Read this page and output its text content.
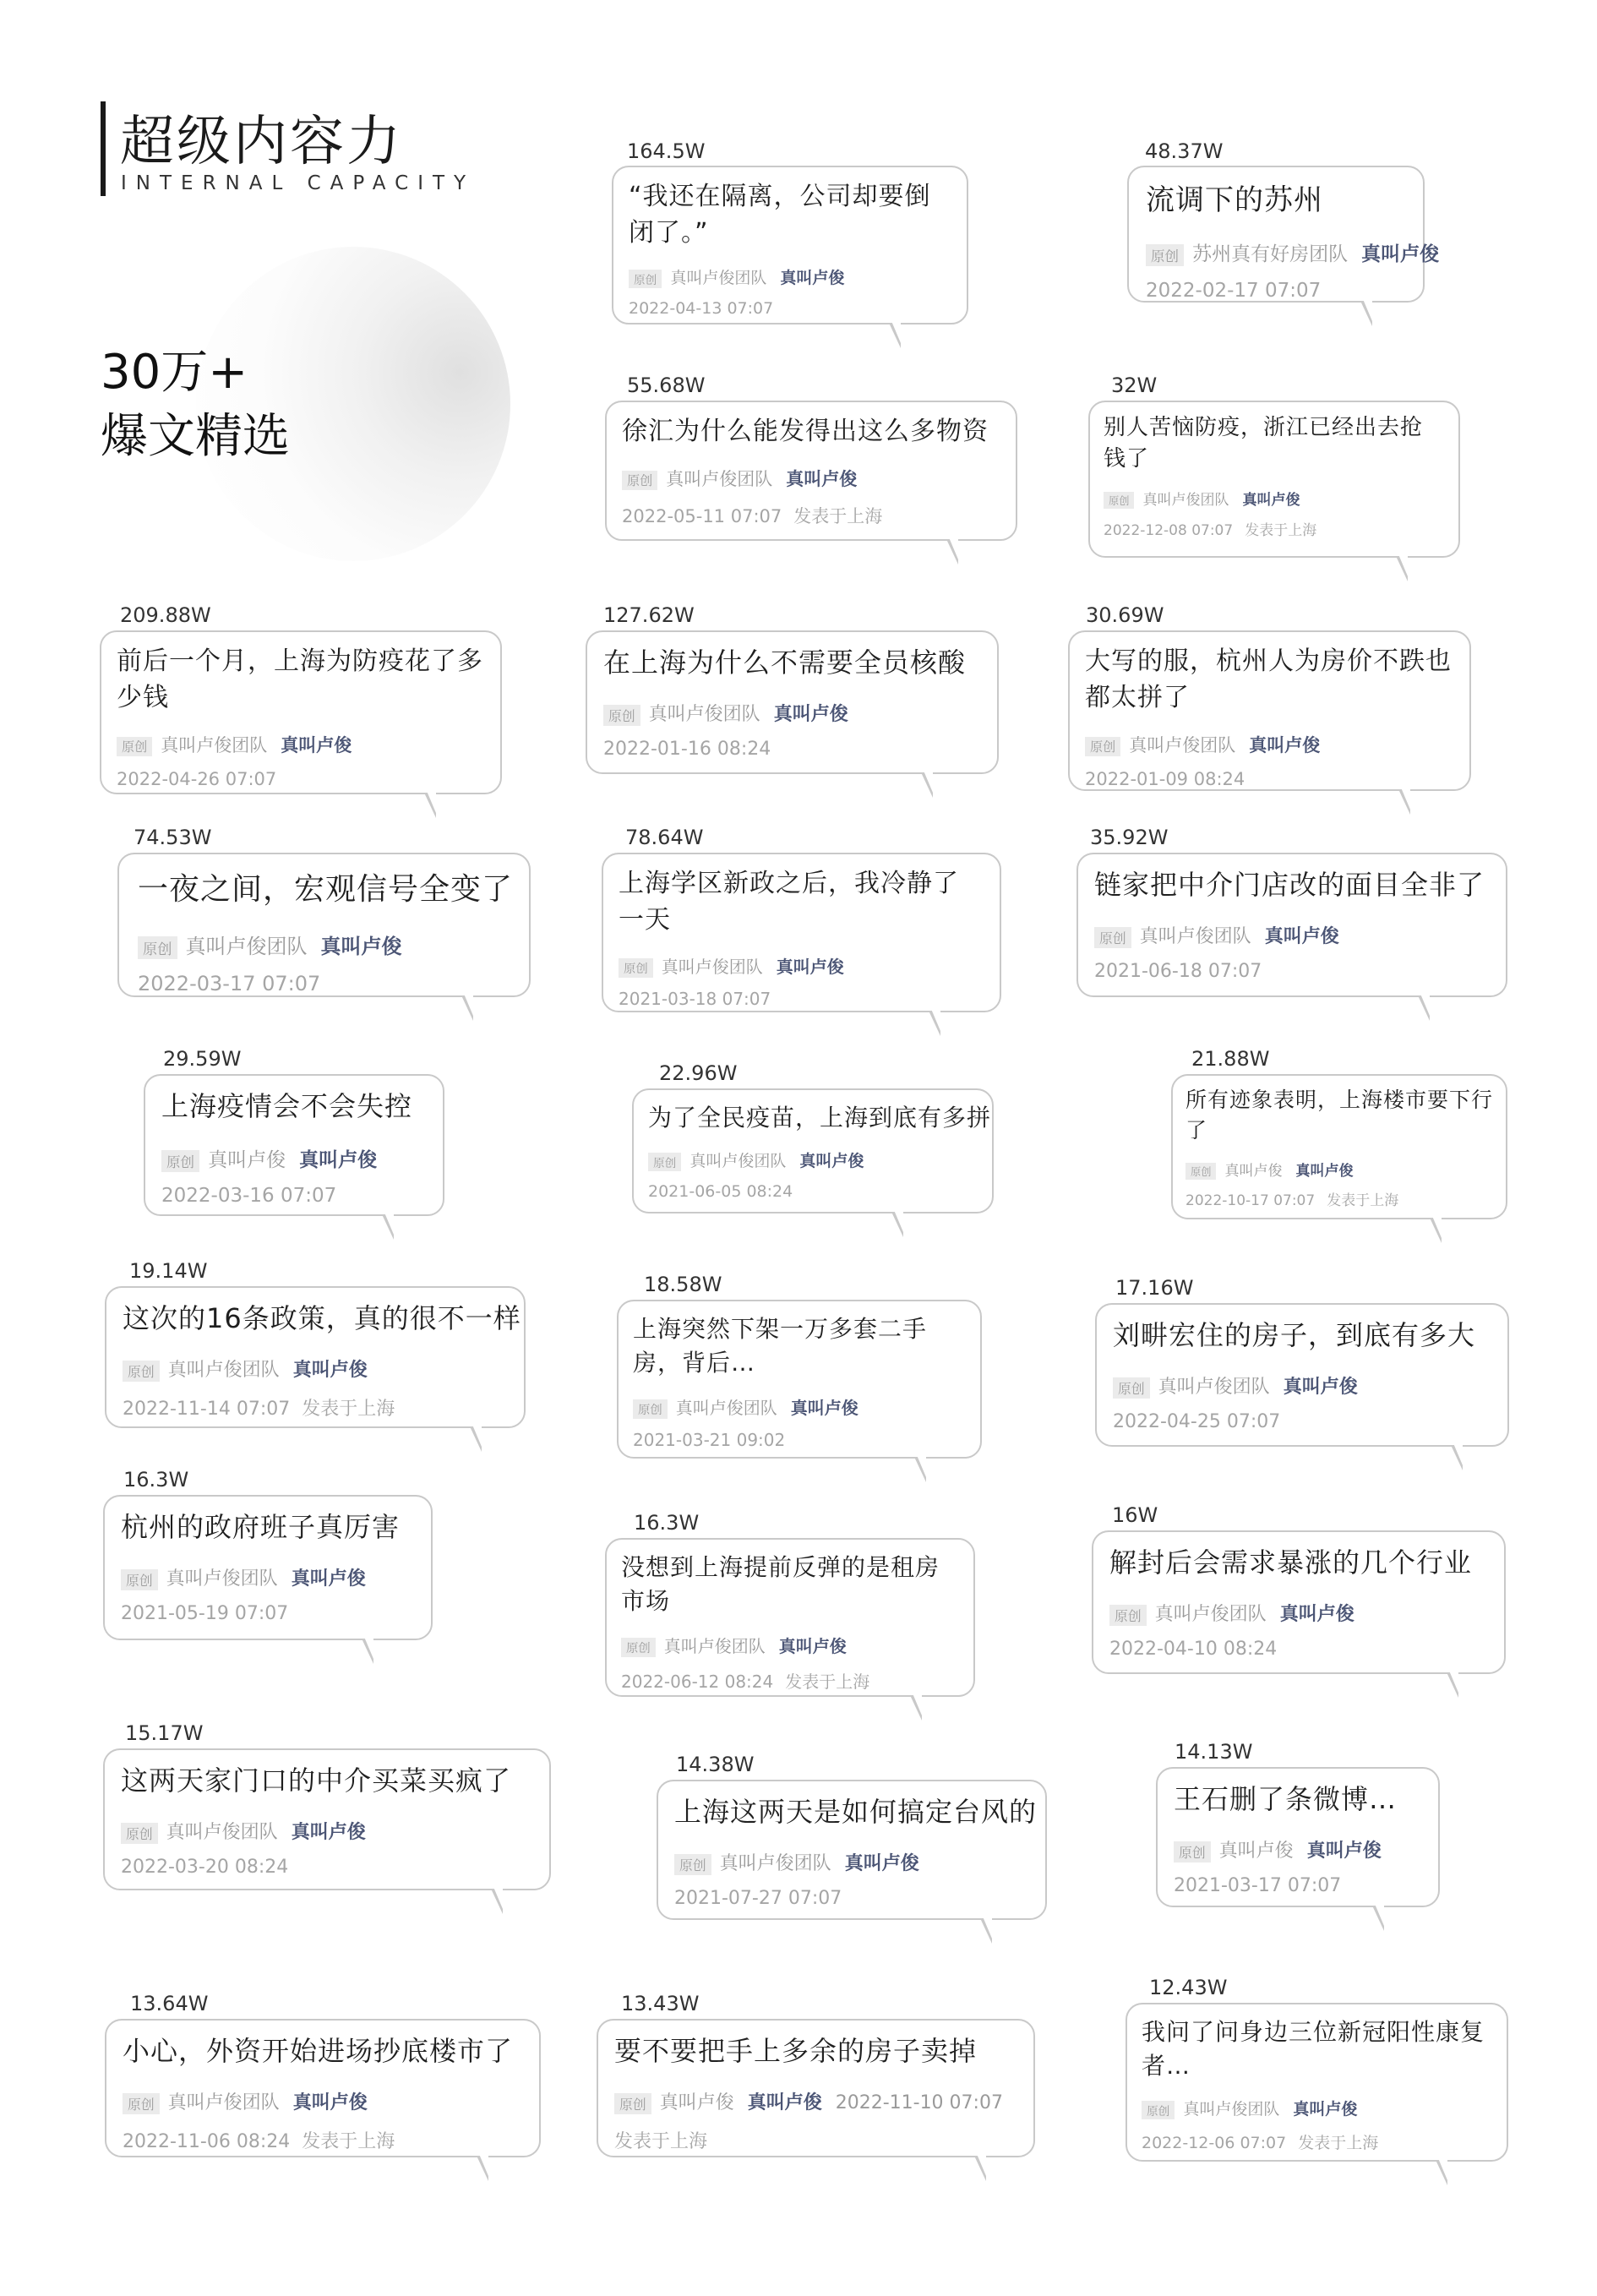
超级内容力
INTERNAL CAPACITY
30万+
爆文精选
164.5W
“我还在隔离，公司却要倒闭了。”
原创 真叫卢俊团队 真叫卢俊
2022-04-13 07:07
48.37W
流调下的苏州
原创 苏州真有好房团队 真叫卢俊
2022-02-17 07:07
55.68W
徐汇为什么能发得出这么多物资
原创 真叫卢俊团队 真叫卢俊
2022-05-11 07:07 发表于上海
32W
别人苦恼防疫，浙江已经出去抢钱了
原创 真叫卢俊团队 真叫卢俊
2022-12-08 07:07 发表于上海
209.88W
前后一个月，上海为防疫花了多少钱
原创 真叫卢俊团队 真叫卢俊
2022-04-26 07:07
127.62W
在上海为什么不需要全员核酸
原创 真叫卢俊团队 真叫卢俊
2022-01-16 08:24
30.69W
大写的服，杭州人为房价不跌也都太拼了
原创 真叫卢俊团队 真叫卢俊
2022-01-09 08:24
74.53W
一夜之间，宏观信号全变了
原创 真叫卢俊团队 真叫卢俊
2022-03-17 07:07
78.64W
上海学区新政之后，我冷静了一天
原创 真叫卢俊团队 真叫卢俊
2021-03-18 07:07
35.92W
链家把中介门店改的面目全非了
原创 真叫卢俊团队 真叫卢俊
2021-06-18 07:07
29.59W
上海疫情会不会失控
原创 真叫卢俊 真叫卢俊
2022-03-16 07:07
22.96W
为了全民疫苗，上海到底有多拼
原创 真叫卢俊团队 真叫卢俊
2021-06-05 08:24
21.88W
所有迹象表明，上海楼市要下行了
原创 真叫卢俊 真叫卢俊
2022-10-17 07:07 发表于上海
19.14W
这次的16条政策，真的很不一样
原创 真叫卢俊团队 真叫卢俊
2022-11-14 07:07 发表于上海
18.58W
上海突然下架一万多套二手房，背后…
原创 真叫卢俊团队 真叫卢俊
2021-03-21 09:02
17.16W
刘畊宏住的房子，到底有多大
原创 真叫卢俊团队 真叫卢俊
2022-04-25 07:07
16.3W
杭州的政府班子真厉害
原创 真叫卢俊团队 真叫卢俊
2021-05-19 07:07
16.3W
没想到上海提前反弹的是租房市场
原创 真叫卢俊团队 真叫卢俊
2022-06-12 08:24 发表于上海
16W
解封后会需求暴涨的几个行业
原创 真叫卢俊团队 真叫卢俊
2022-04-10 08:24
15.17W
这两天家门口的中介买菜买疯了
原创 真叫卢俊团队 真叫卢俊
2022-03-20 08:24
14.38W
上海这两天是如何搞定台风的
原创 真叫卢俊团队 真叫卢俊
2021-07-27 07:07
14.13W
王石删了条微博…
原创 真叫卢俊 真叫卢俊
2021-03-17 07:07
13.64W
小心，外资开始进场抄底楼市了
原创 真叫卢俊团队 真叫卢俊
2022-11-06 08:24 发表于上海
13.43W
要不要把手上多余的房子卖掉
原创 真叫卢俊 真叫卢俊 2022-11-10 07:07
发表于上海
12.43W
我问了问身边三位新冠阳性康复者…
原创 真叫卢俊团队 真叫卢俊
2022-12-06 07:07 发表于上海
